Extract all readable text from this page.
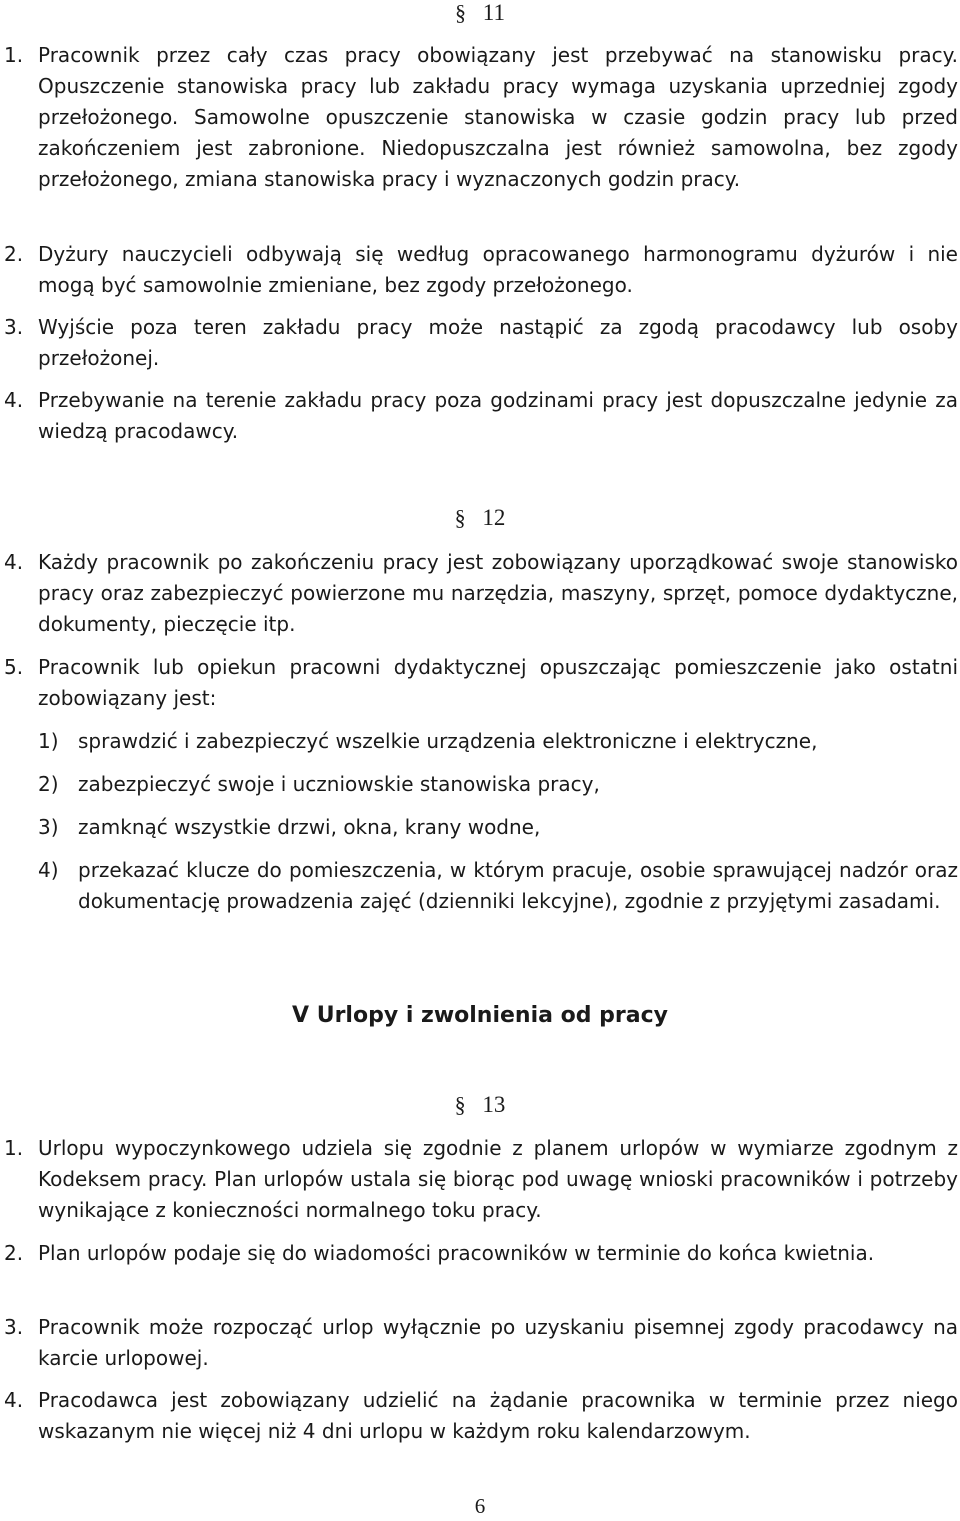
§ 11
1. Pracownik przez cały czas pracy obowiązany jest przebywać na stanowisku pracy. Opuszczenie stanowiska pracy lub zakładu pracy wymaga uzyskania uprzedniej zgody przełożonego. Samowolne opuszczenie stanowiska w czasie godzin pracy lub przed zakończeniem jest zabronione. Niedopuszczalna jest również samowolna, bez zgody przełożonego, zmiana stanowiska pracy i wyznaczonych godzin pracy.
2. Dyżury nauczycieli odbywają się według opracowanego harmonogramu dyżurów i nie mogą być samowolnie zmieniane, bez zgody przełożonego.
3. Wyjście poza teren zakładu pracy może nastąpić za zgodą pracodawcy lub osoby przełożonej.
4. Przebywanie na terenie zakładu pracy poza godzinami pracy jest dopuszczalne jedynie za wiedzą pracodawcy.
§ 12
4. Każdy pracownik po zakończeniu pracy jest zobowiązany uporządkować swoje stanowisko pracy oraz zabezpieczyć powierzone mu narzędzia, maszyny, sprzęt, pomoce dydaktyczne, dokumenty, pieczęcie itp.
5. Pracownik lub opiekun pracowni dydaktycznej opuszczając pomieszczenie jako ostatni zobowiązany jest:
1) sprawdzić i zabezpieczyć wszelkie urządzenia elektroniczne i elektryczne,
2) zabezpieczyć swoje i uczniowskie stanowiska pracy,
3) zamknąć wszystkie drzwi, okna, krany wodne,
4) przekazać klucze do pomieszczenia, w którym pracuje, osobie sprawującej nadzór oraz dokumentację prowadzenia zajęć (dzienniki lekcyjne), zgodnie z przyjętymi zasadami.
V Urlopy i zwolnienia od pracy
§ 13
1. Urlopu wypoczynkowego udziela się zgodnie z planem urlopów w wymiarze zgodnym z Kodeksem pracy. Plan urlopów ustala się biorąc pod uwagę wnioski pracowników i potrzeby wynikające z konieczności normalnego toku pracy.
2. Plan urlopów podaje się do wiadomości pracowników w terminie do końca kwietnia.
3. Pracownik może rozpocząć urlop wyłącznie po uzyskaniu pisemnej zgody pracodawcy na karcie urlopowej.
4. Pracodawca jest zobowiązany udzielić na żądanie pracownika w terminie przez niego wskazanym nie więcej niż 4 dni urlopu w każdym roku kalendarzowym.
6
